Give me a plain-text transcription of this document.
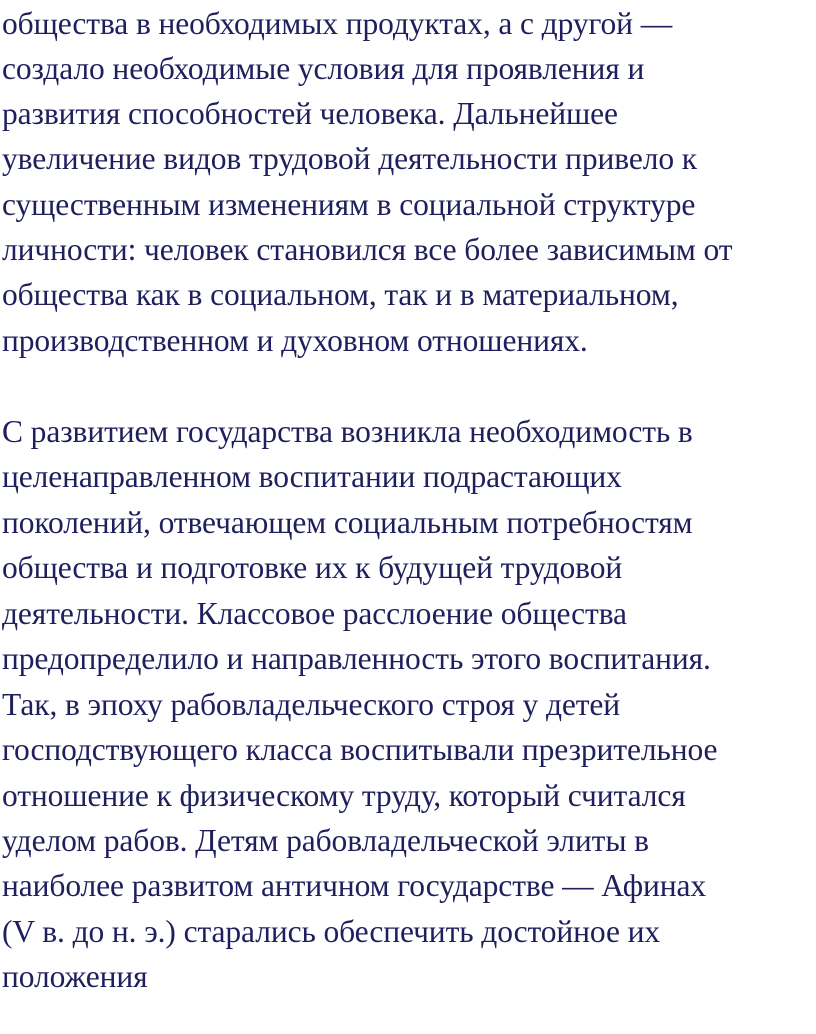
общества в необходимых продуктах, а с другой —
создало необходимые условия для проявления и
развития способностей человека. Дальнейшее
увеличение видов трудовой деятельности привело к
существенным изменениям в социальной структуре
личности: человек становился все более зависимым от
общества как в социальном, так и в материальном,
производственном и духовном отношениях.
С развитием государства возникла необходимость в
целенаправленном воспитании подрастающих
поколений, отвечающем социальным потребностям
общества и подготовке их к будущей трудовой
деятельности. Классовое расслоение общества
предопределило и направленность этого воспитания.
Так, в эпоху рабовладельческого строя у детей
господствующего класса воспитывали презрительное
отношение к физическому труду, который считался
уделом рабов. Детям рабовладельческой элиты в
наиболее развитом античном государстве — Афинах
(V в. до н. э.) старались обеспечить достойное их
положения
